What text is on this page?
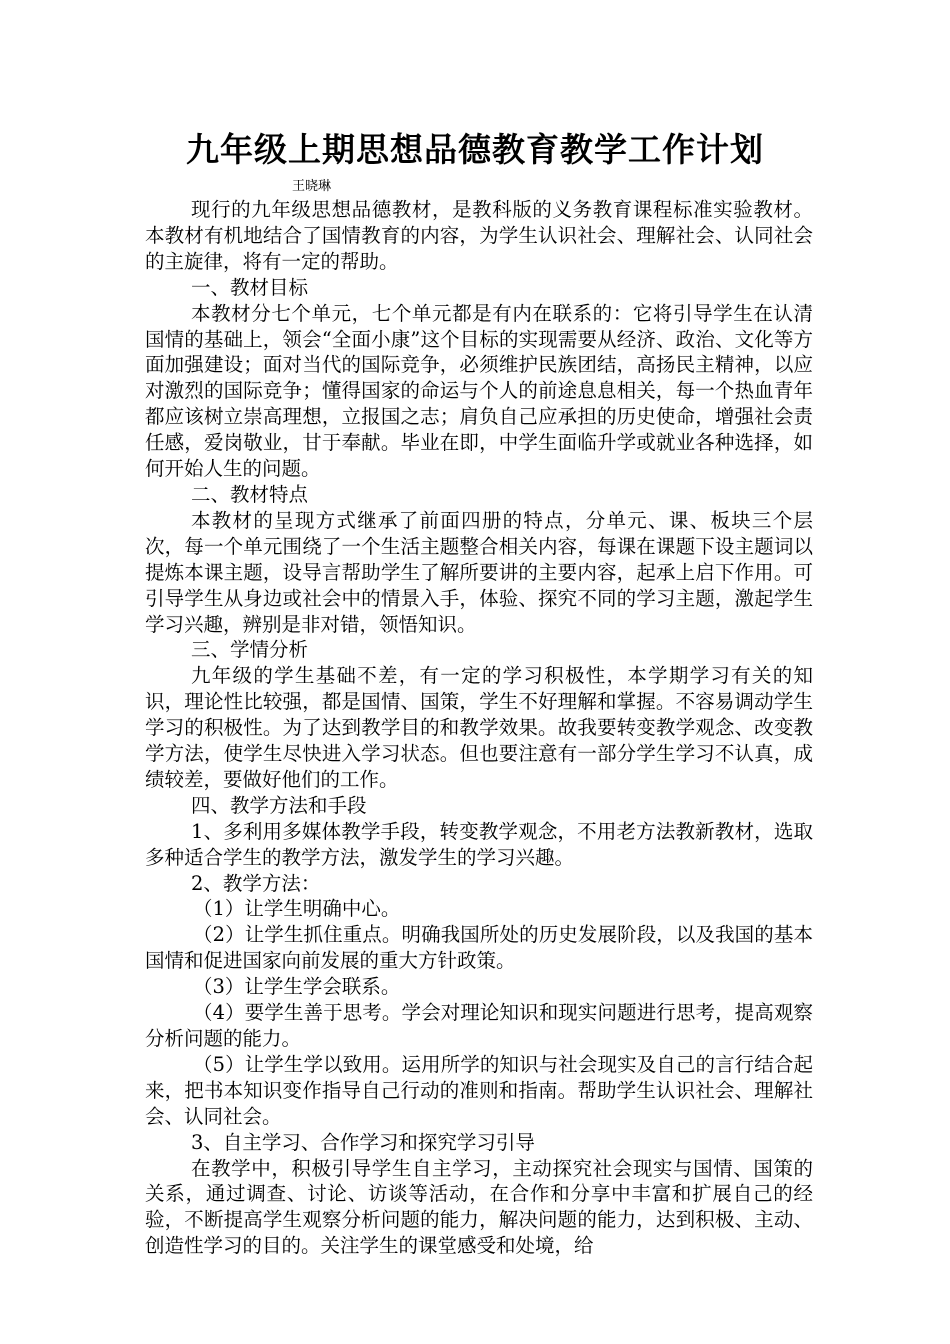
九年级上期思想品德教育教学工作计划
王晓琳

现行的九年级思想品德教材，是教科版的义务教育课程标准实验教材。本教材有机地结合了国情教育的内容，为学生认识社会、理解社会、认同社会的主旋律，将有一定的帮助。

一、教材目标

本教材分七个单元，七个单元都是有内在联系的：它将引导学生在认清国情的基础上，领会“全面小康”这个目标的实现需要从经济、政治、文化等方面加强建设；面对当代的国际竞争，必须维护民族团结，高扬民主精神，以应对激烈的国际竞争；懂得国家的命运与个人的前途息息相关，每一个热血青年都应该树立崇高理想，立报国之志；肩负自己应承担的历史使命，增强社会责任感，爱岗敬业，甘于奉献。毕业在即，中学生面临升学或就业各种选择，如何开始人生的问题。

二、教材特点

本教材的呈现方式继承了前面四册的特点，分单元、课、板块三个层次，每一个单元围绕了一个生活主题整合相关内容，每课在课题下设主题词以提炼本课主题，设导言帮助学生了解所要讲的主要内容，起承上启下作用。可引导学生从身边或社会中的情景入手，体验、探究不同的学习主题，激起学生学习兴趣，辨别是非对错，领悟知识。

三、学情分析

九年级的学生基础不差，有一定的学习积极性，本学期学习有关的知识，理论性比较强，都是国情、国策，学生不好理解和掌握。不容易调动学生学习的积极性。为了达到教学目的和教学效果。故我要转变教学观念、改变教学方法，使学生尽快进入学习状态。但也要注意有一部分学生学习不认真，成绩较差，要做好他们的工作。

四、教学方法和手段

1、多利用多媒体教学手段，转变教学观念，不用老方法教新教材，选取多种适合学生的教学方法，激发学生的学习兴趣。

2、教学方法：

（1）让学生明确中心。

（2）让学生抓住重点。明确我国所处的历史发展阶段，以及我国的基本国情和促进国家向前发展的重大方针政策。

（3）让学生学会联系。

（4）要学生善于思考。学会对理论知识和现实问题进行思考，提高观察分析问题的能力。

（5）让学生学以致用。运用所学的知识与社会现实及自己的言行结合起来，把书本知识变作指导自己行动的准则和指南。帮助学生认识社会、理解社会、认同社会。

3、自主学习、合作学习和探究学习引导

在教学中，积极引导学生自主学习，主动探究社会现实与国情、国策的关系，通过调查、讨论、访谈等活动，在合作和分享中丰富和扩展自己的经验，不断提高学生观察分析问题的能力，解决问题的能力，达到积极、主动、创造性学习的目的。关注学生的课堂感受和处境，给
